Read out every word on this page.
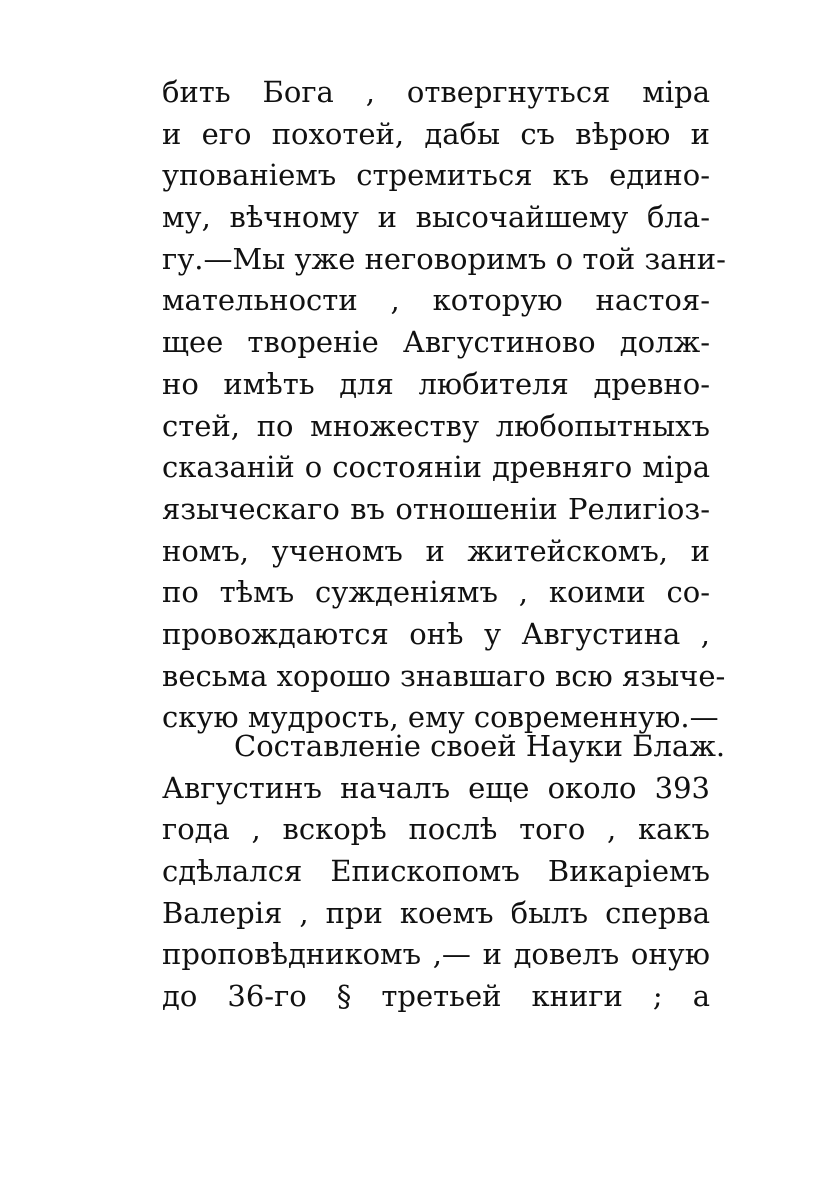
бить Бога , отвергнуться міра
и его похотей, дабы съ вѣрою и
упованіемъ стремиться къ едино-
му, вѣчному и высочайшему бла-
гу.—Мы уже неговоримъ о той зани-
мательности , которую настоя-
щее твореніе Августиново долж-
но имѣть для любителя древно-
стей, по множеству любопытныхъ
сказаній о состояніи древняго міра
языческаго въ отношеніи Религіоз-
номъ, ученомъ и житейскомъ, и
по тѣмъ сужденіямъ , коими со-
провождаются онѣ у Августина ,
весьма хорошо знавшаго всю языче-
скую мудрость, ему современную.—
Составленіе своей Науки Блаж.
Августинъ началъ еще около 393
года , вскорѣ послѣ того , какъ
сдѣлался Епископомъ Викаріемъ
Валерія , при коемъ былъ сперва
проповѣдникомъ ,— и довелъ оную
до 36-го § третьей книги ; а
